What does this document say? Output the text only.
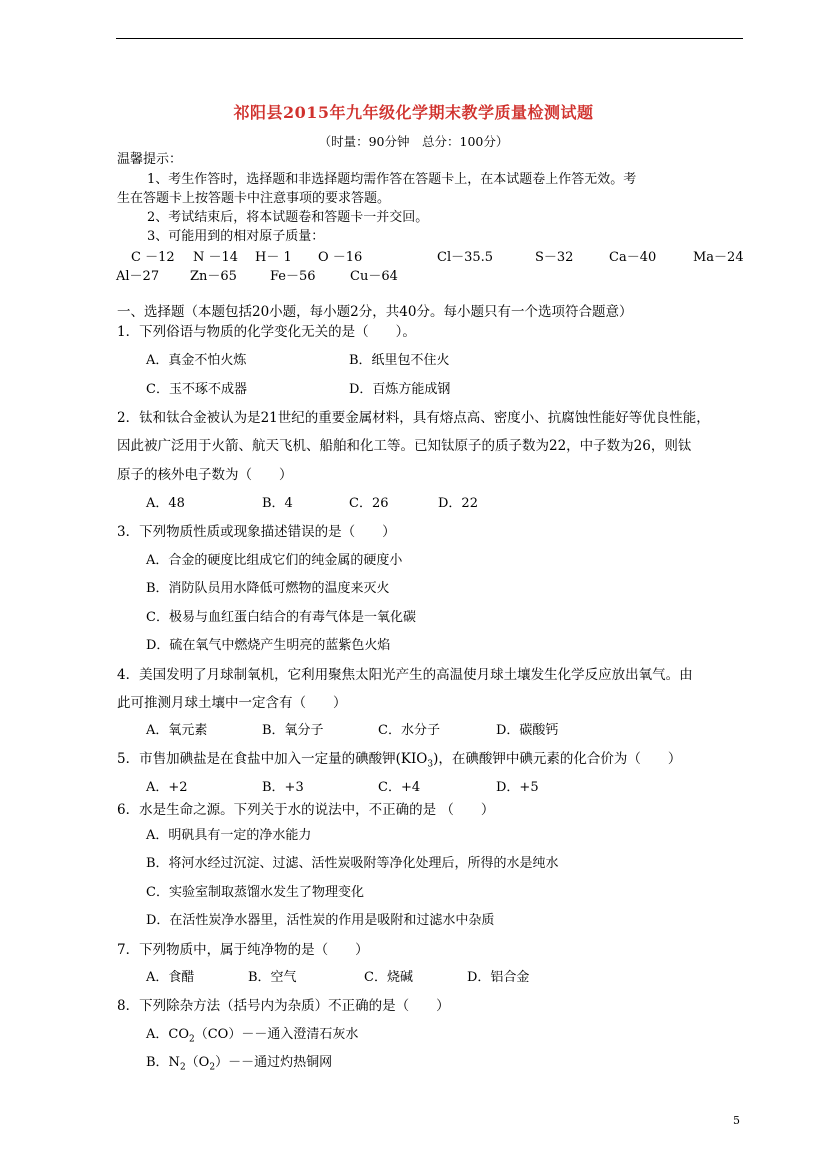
祁阳县2015年九年级化学期末教学质量检测试题
（时量：90分钟　总分：100分）
温馨提示：
1、考生作答时，选择题和非选择题均需作答在答题卡上，在本试题卷上作答无效。考
生在答题卡上按答题卡中注意事项的要求答题。
2、考试结束后，将本试题卷和答题卡一并交回。
3、可能用到的相对原子质量：
C －12 N －14 H－ 1 O －16	Cl－35.5	S－32	Ca－40	Ma－24
Al－27 Zn－65	Fe－56	Cu－64
一、选择题（本题包括20小题，每小题2分，共40分。每小题只有一个选项符合题意）
1．下列俗语与物质的化学变化无关的是（　　）。
A．真金不怕火炼	B．纸里包不住火
C．玉不琢不成器	D．百炼方能成钢
2．钛和钛合金被认为是21世纪的重要金属材料，具有熔点高、密度小、抗腐蚀性能好等优良性能，
因此被广泛用于火箭、航天飞机、船舶和化工等。已知钛原子的质子数为22，中子数为26，则钛
原子的核外电子数为（　　）
A．48	B．4	C．26	D．22
3．下列物质性质或现象描述错误的是（　　）
A．合金的硬度比组成它们的纯金属的硬度小
B．消防队员用水降低可燃物的温度来灭火
C．极易与血红蛋白结合的有毒气体是一氧化碳
D．硫在氧气中燃烧产生明亮的蓝紫色火焰
4．美国发明了月球制氧机，它利用聚焦太阳光产生的高温使月球土壤发生化学反应放出氧气。由
此可推测月球土壤中一定含有（　　）
A．氧元素	B．氧分子	C．水分子	D．碳酸钙
5．市售加碘盐是在食盐中加入一定量的碘酸钾$(KIO_3)$，在碘酸钾中碘元素的化合价为（　　）
A．+2	B．+3	C．+4	D．+5
6．水是生命之源。下列关于水的说法中，不正确的是 （　　）
A．明矾具有一定的净水能力
B．将河水经过沉淀、过滤、活性炭吸附等净化处理后，所得的水是纯水
C．实验室制取蒸馏水发生了物理变化
D．在活性炭净水器里，活性炭的作用是吸附和过滤水中杂质
7．下列物质中，属于纯净物的是（　　）
A．食醋	B．空气	C．烧碱	D．铝合金
8．下列除杂方法（括号内为杂质）不正确的是（　　）
A．$CO_2(CO)--$通入澄清石灰水
B．$N_2(O_2)--$通过灼热铜网
5
